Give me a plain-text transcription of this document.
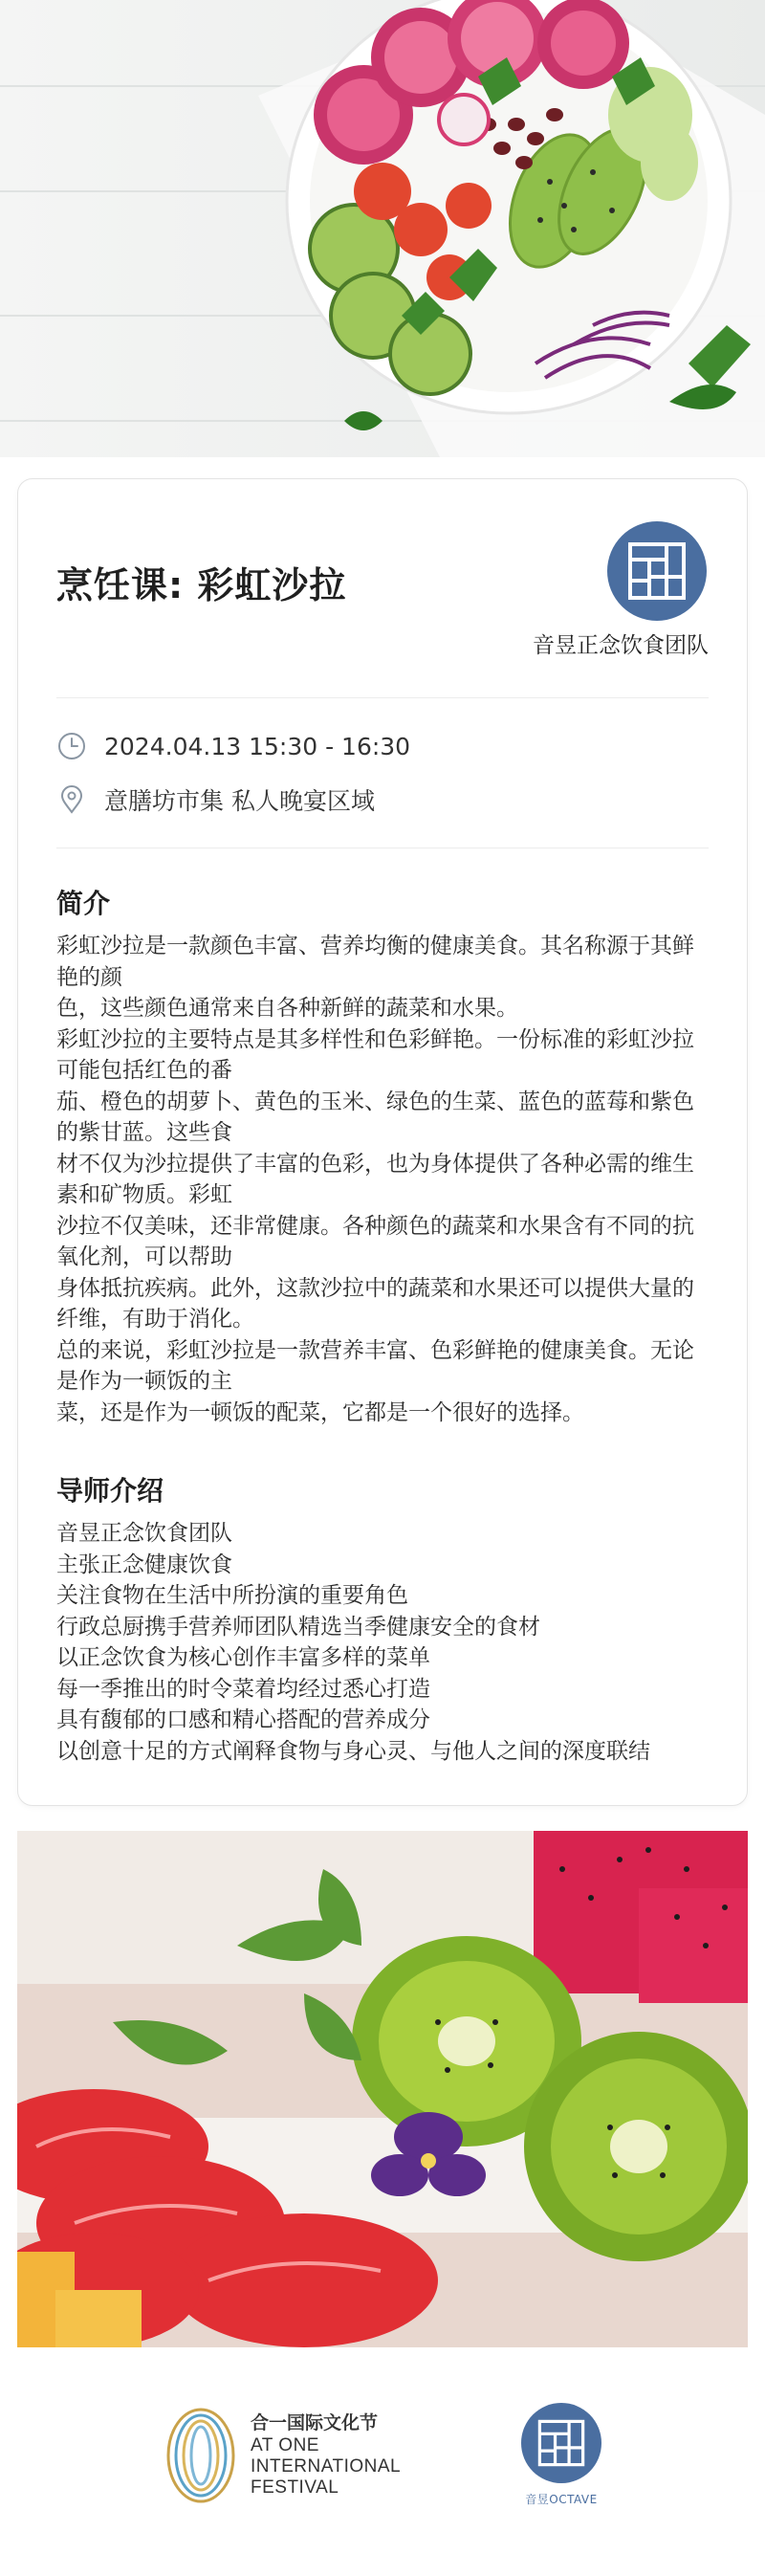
烹饪课: 彩虹沙拉
音昱正念饮食团队
2024.04.13 15:30 - 16:30
意膳坊市集 私人晚宴区域
简介

彩虹沙拉是一款颜色丰富、营养均衡的健康美食。其名称源于其鲜艳的颜
色，这些颜色通常来自各种新鲜的蔬菜和水果。
彩虹沙拉的主要特点是其多样性和色彩鲜艳。一份标准的彩虹沙拉可能包括红色的番
茄、橙色的胡萝卜、黄色的玉米、绿色的生菜、蓝色的蓝莓和紫色的紫甘蓝。这些食
材不仅为沙拉提供了丰富的色彩，也为身体提供了各种必需的维生素和矿物质。彩虹
沙拉不仅美味，还非常健康。各种颜色的蔬菜和水果含有不同的抗氧化剂，可以帮助
身体抵抗疾病。此外，这款沙拉中的蔬菜和水果还可以提供大量的纤维，有助于消化。
总的来说，彩虹沙拉是一款营养丰富、色彩鲜艳的健康美食。无论是作为一顿饭的主
菜，还是作为一顿饭的配菜，它都是一个很好的选择。

导师介绍

音昱正念饮食团队
主张正念健康饮食
关注食物在生活中所扮演的重要角色
行政总厨携手营养师团队精选当季健康安全的食材
以正念饮食为核心创作丰富多样的菜单
每一季推出的时令菜着均经过悉心打造
具有馥郁的口感和精心搭配的营养成分
以创意十足的方式阐释食物与身心灵、与他人之间的深度联结

合一国际文化节
AT ONE
INTERNATIONAL
FESTIVAL
音昱OCTAVE
